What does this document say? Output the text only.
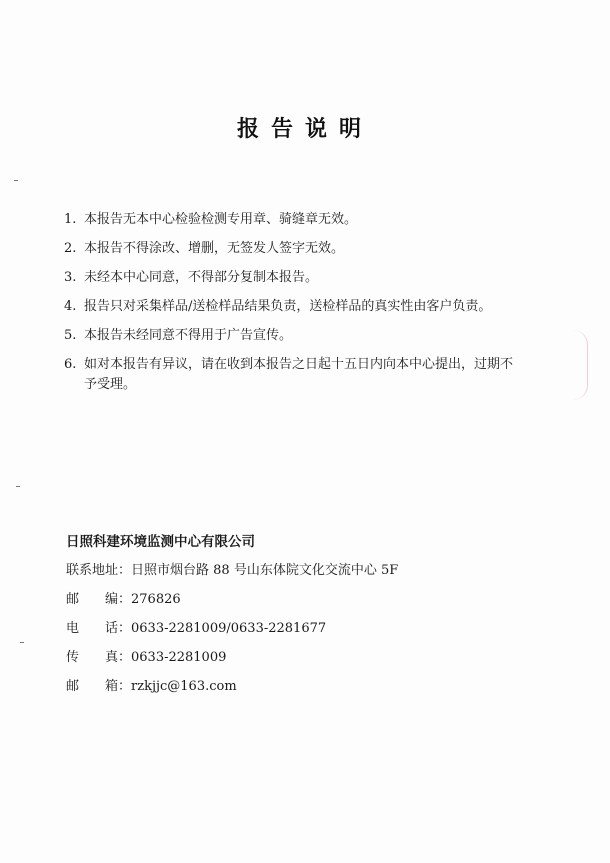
报告说明
1. 本报告无本中心检验检测专用章、骑缝章无效。
2. 本报告不得涂改、增删，无签发人签字无效。
3. 未经本中心同意，不得部分复制本报告。
4. 报告只对采集样品/送检样品结果负责，送检样品的真实性由客户负责。
5. 本报告未经同意不得用于广告宣传。
6. 如对本报告有异议，请在收到本报告之日起十五日内向本中心提出，过期不
予受理。
日照科建环境监测中心有限公司
联系地址： 日照市烟台路 88 号山东体院文化交流中心 5F
邮 编： 276826
电 话： 0633-2281009/0633-2281677
传 真： 0633-2281009
邮 箱： rzkjjc@163.com
